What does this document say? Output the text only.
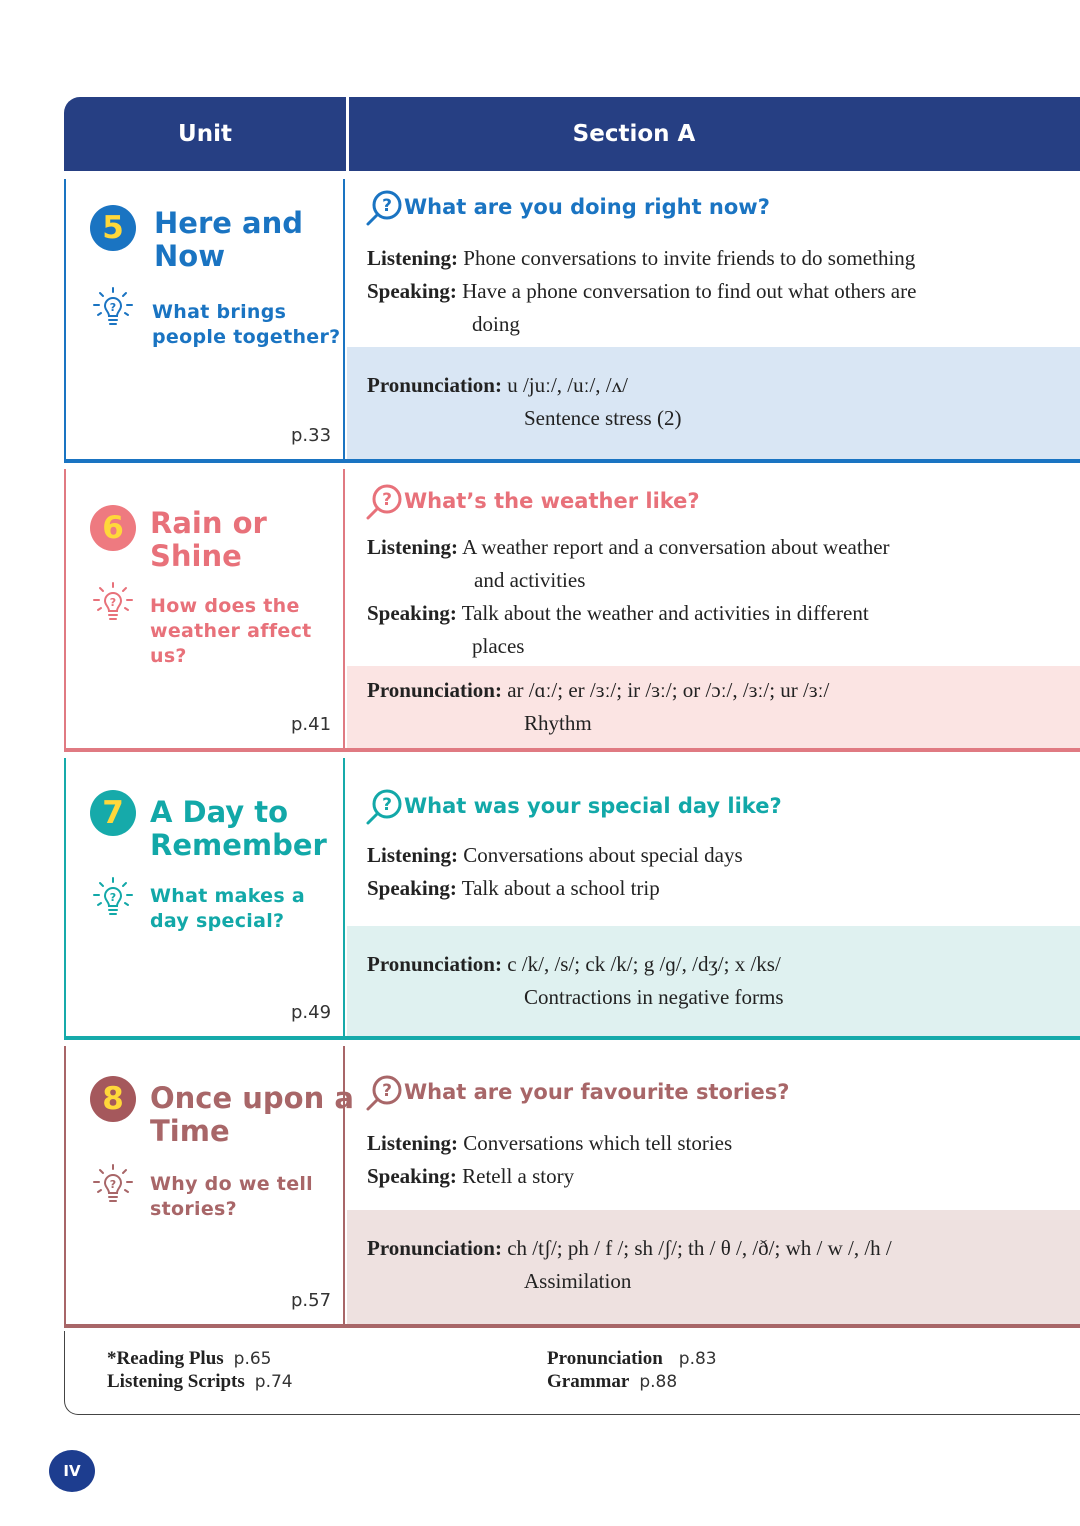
Unit	Section A
5	Here and
Now
? What brings people together?
p.33
? What are you doing right now?
Listening: Phone conversations to invite friends to do something
Speaking: Have a phone conversation to find out what others are
doing
Pronunciation: u /juː/, /uː/, /ʌ/
Sentence stress (2)
6 Rain or
Shine
? How does the weather affect us?
p.41
? What’s the weather like?
Listening: A weather report and a conversation about weather
and activities
Speaking: Talk about the weather and activities in different
places
Pronunciation: ar /ɑː/; er /ɜː/; ir /ɜː/; or /ɔː/, /ɜː/; ur /ɜː/
Rhythm
7 A Day to
Remember
? What makes a day special?
p.49
? What was your special day like?
Listening: Conversations about special days
Speaking: Talk about a school trip
Pronunciation: c /k/, /s/; ck /k/; g /ɡ/, /dʒ/; x /ks/
Contractions in negative forms
8 Once upon a
Time
? Why do we tell stories?
p.57
? What are your favourite stories?
Listening: Conversations which tell stories
Speaking: Retell a story
Pronunciation: ch /tʃ/; ph / f /; sh /ʃ/; th / θ /, /ð/; wh / w /, /h /
Assimilation
*Reading Plus p.65
Listening Scripts p.74
Pronunciation p.83
Grammar p.88
IV
